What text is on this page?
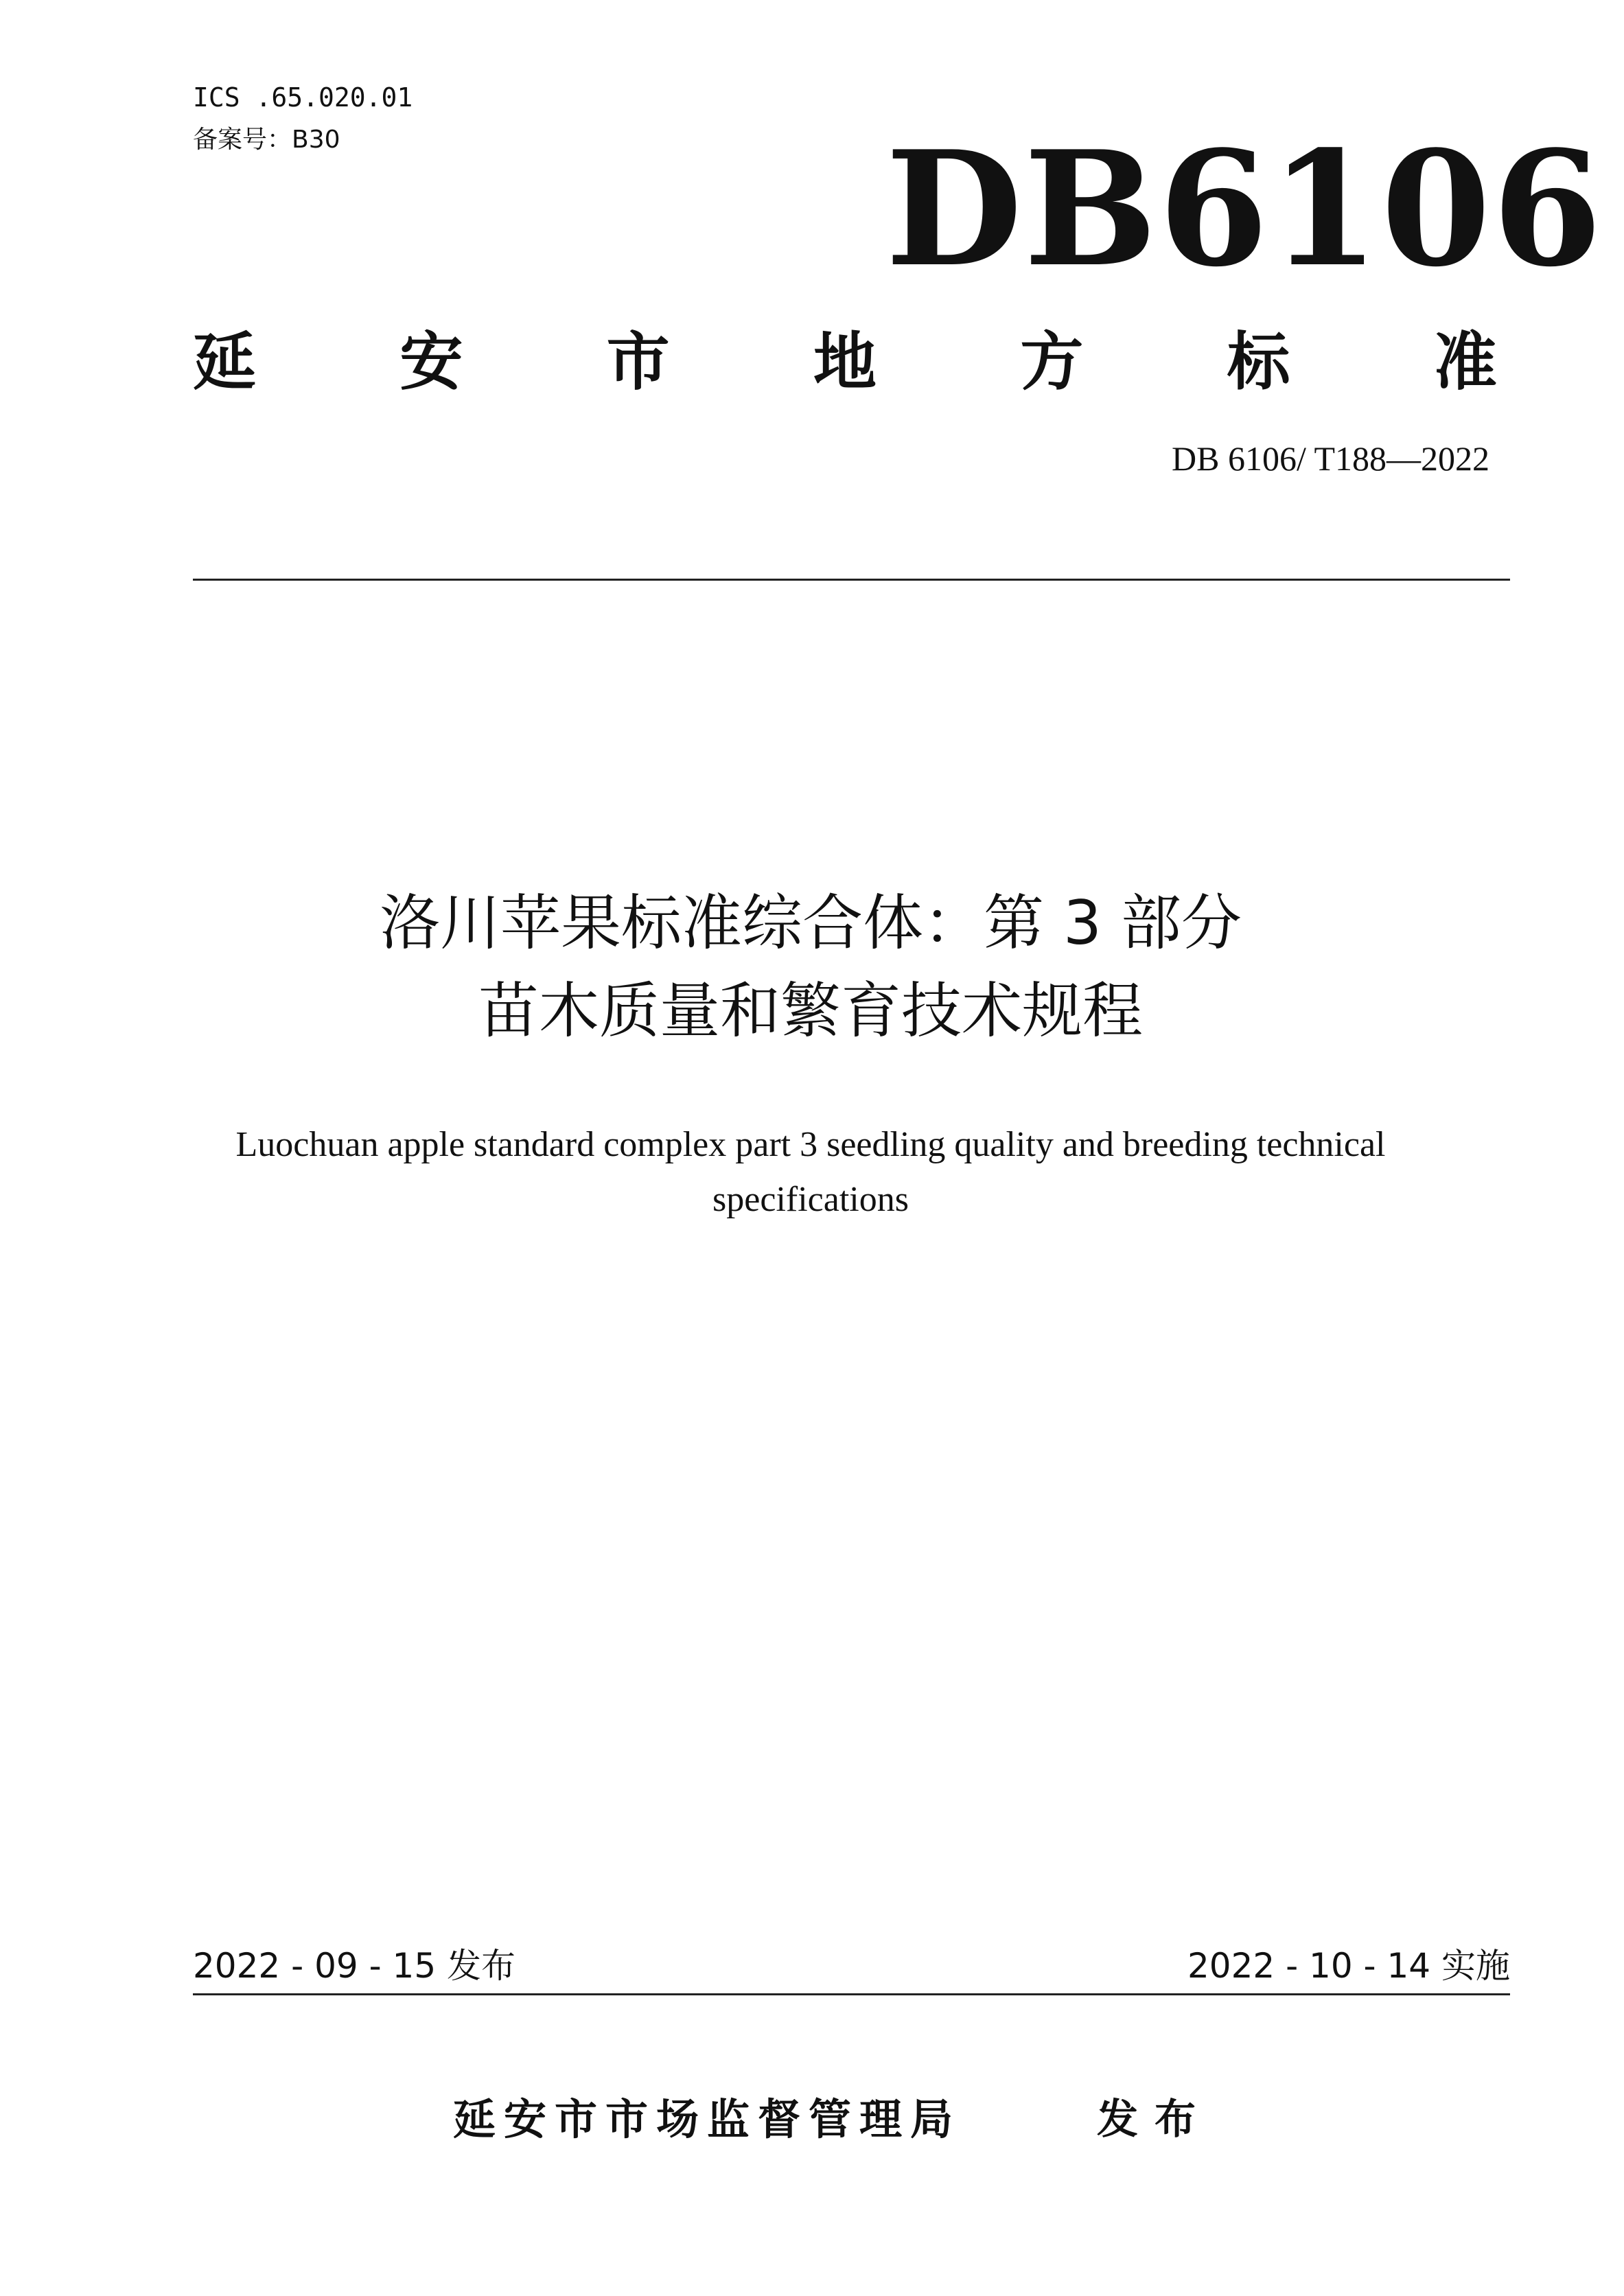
ICS .65.020.01
备案号：B30	DB6106
延 安 市 地 方 标 准
DB 6106/ T188—2022
洛川苹果标准综合体：第 3 部分
苗木质量和繁育技术规程
Luochuan apple standard complex part 3 seedling quality and breeding technical
specifications
2022 - 09 - 15 发布	2022 - 10 - 14 实施
延安市市场监督管理局	发布
